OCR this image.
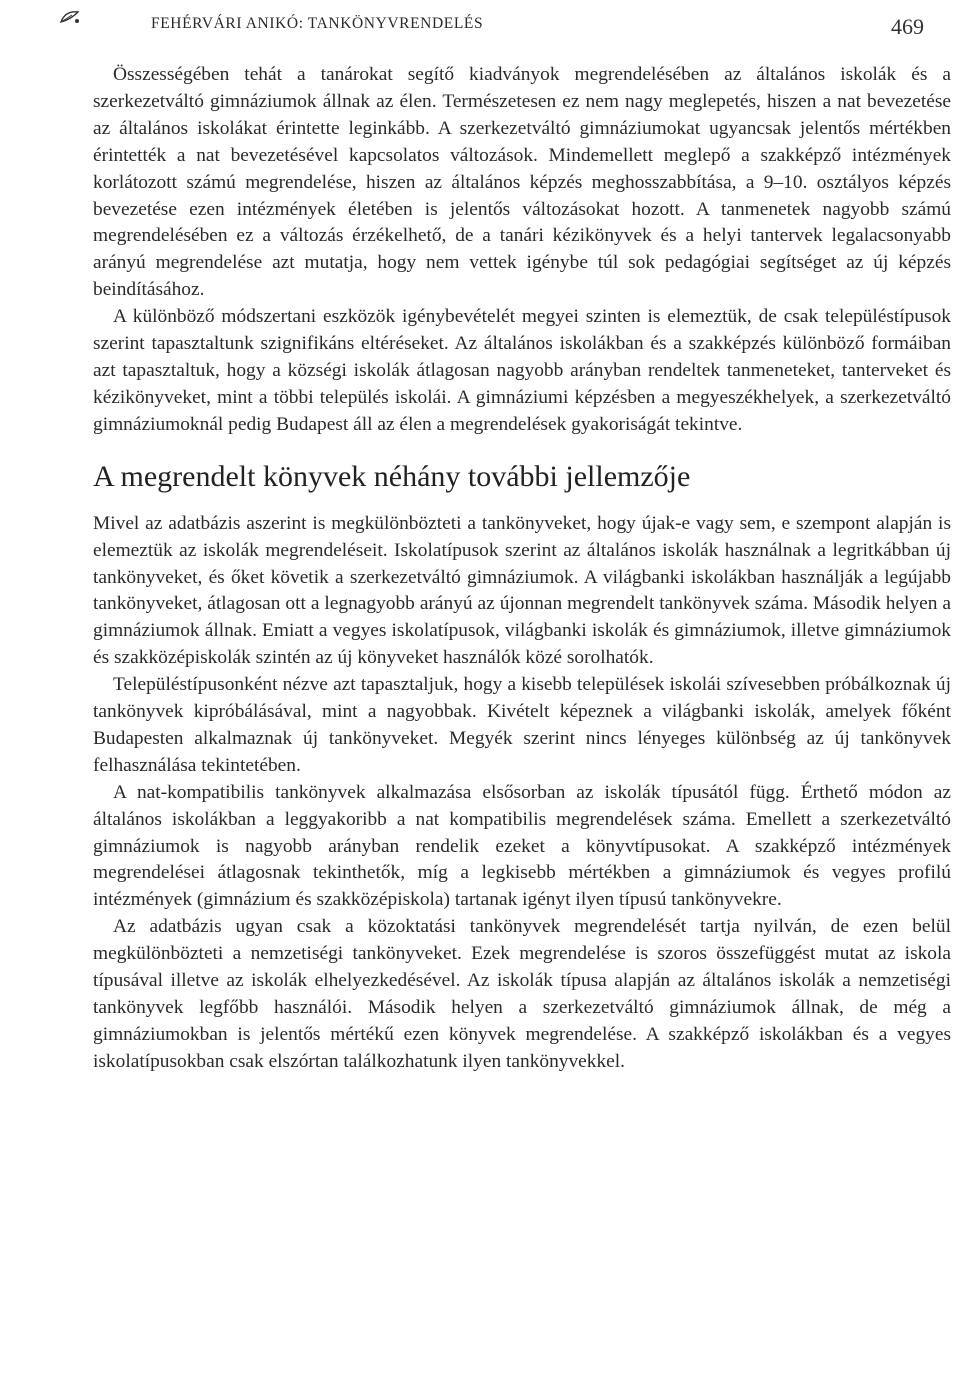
FEHÉRVÁRI ANIKÓ: TANKÖNYVRENDELÉS	469

Összességében tehát a tanárokat segítő kiadványok megrendelésében az általános iskolák és a szerkezetváltó gimnáziumok állnak az élen. Természetesen ez nem nagy meglepetés, hiszen a nat bevezetése az általános iskolákat érintette leginkább. A szerkezetváltó gimnáziumokat ugyancsak jelentős mértékben érintették a nat bevezetésével kapcsolatos változások. Mindemellett meglepő a szakképző intézmények korlátozott számú megrendelése, hiszen az általános képzés meghosszabbítása, a 9–10. osztályos képzés bevezetése ezen intézmények életében is jelentős változásokat hozott. A tanmenetek nagyobb számú megrendelésében ez a változás érzékelhető, de a tanári kézikönyvek és a helyi tantervek legalacsonyabb arányú megrendelése azt mutatja, hogy nem vettek igénybe túl sok pedagógiai segítséget az új képzés beindításához.

A különböző módszertani eszközök igénybevételét megyei szinten is elemeztük, de csak településtípusok szerint tapasztaltunk szignifikáns eltéréseket. Az általános iskolákban és a szakképzés különböző formáiban azt tapasztaltuk, hogy a községi iskolák átlagosan nagyobb arányban rendeltek tanmeneteket, tanterveket és kézikönyveket, mint a többi település iskolái. A gimnáziumi képzésben a megyeszékhelyek, a szerkezetváltó gimnáziumoknál pedig Budapest áll az élen a megrendelések gyakoriságát tekintve.

A megrendelt könyvek néhány további jellemzője

Mivel az adatbázis aszerint is megkülönbözteti a tankönyveket, hogy újak-e vagy sem, e szempont alapján is elemeztük az iskolák megrendeléseit. Iskolatípusok szerint az általános iskolák használnak a legritkábban új tankönyveket, és őket követik a szerkezetváltó gimnáziumok. A világbanki iskolákban használják a legújabb tankönyveket, átlagosan ott a legnagyobb arányú az újonnan megrendelt tankönyvek száma. Második helyen a gimnáziumok állnak. Emiatt a vegyes iskolatípusok, világbanki iskolák és gimnáziumok, illetve gimnáziumok és szakközépiskolák szintén az új könyveket használók közé sorolhatók.

Településtípusonként nézve azt tapasztaljuk, hogy a kisebb települések iskolái szívesebben próbálkoznak új tankönyvek kipróbálásával, mint a nagyobbak. Kivételt képeznek a világbanki iskolák, amelyek főként Budapesten alkalmaznak új tankönyveket. Megyék szerint nincs lényeges különbség az új tankönyvek felhasználása tekintetében.

A nat-kompatibilis tankönyvek alkalmazása elsősorban az iskolák típusától függ. Érthető módon az általános iskolákban a leggyakoribb a nat kompatibilis megrendelések száma. Emellett a szerkezetváltó gimnáziumok is nagyobb arányban rendelik ezeket a könyvtípusokat. A szakképző intézmények megrendelései átlagosnak tekinthetők, míg a legkisebb mértékben a gimnáziumok és vegyes profilú intézmények (gimnázium és szakközépiskola) tartanak igényt ilyen típusú tankönyvekre.

Az adatbázis ugyan csak a közoktatási tankönyvek megrendelését tartja nyilván, de ezen belül megkülönbözteti a nemzetiségi tankönyveket. Ezek megrendelése is szoros összefüggést mutat az iskola típusával illetve az iskolák elhelyezkedésével. Az iskolák típusa alapján az általános iskolák a nemzetiségi tankönyvek legfőbb használói. Második helyen a szerkezetváltó gimnáziumok állnak, de még a gimnáziumokban is jelentős mértékű ezen könyvek megrendelése. A szakképző iskolákban és a vegyes iskolatípusokban csak elszórtan találkozhatunk ilyen tankönyvekkel.
